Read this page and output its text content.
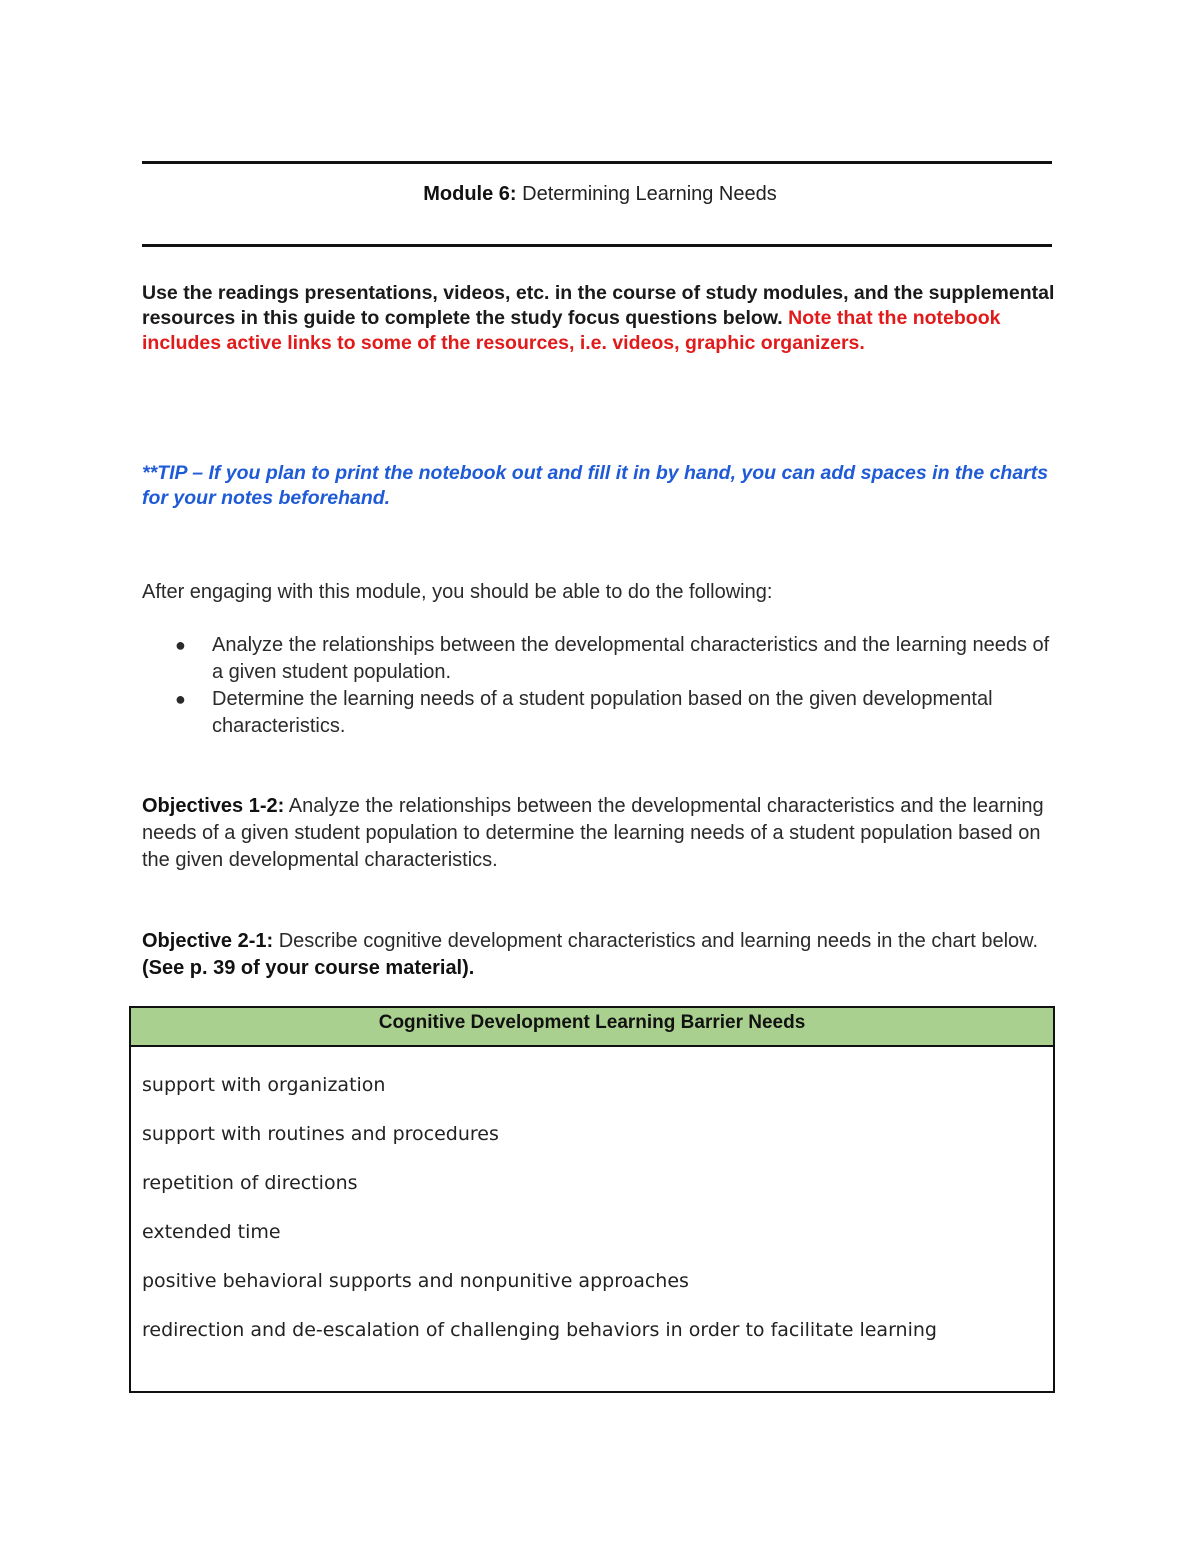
Module 6: Determining Learning Needs
Use the readings presentations, videos, etc. in the course of study modules, and the supplemental resources in this guide to complete the study focus questions below. Note that the notebook includes active links to some of the resources, i.e. videos, graphic organizers.
**TIP – If you plan to print the notebook out and fill it in by hand, you can add spaces in the charts for your notes beforehand.
After engaging with this module, you should be able to do the following:
● Analyze the relationships between the developmental characteristics and the learning needs of a given student population.
● Determine the learning needs of a student population based on the given developmental characteristics.
Objectives 1-2: Analyze the relationships between the developmental characteristics and the learning needs of a given student population to determine the learning needs of a student population based on the given developmental characteristics.
Objective 2-1: Describe cognitive development characteristics and learning needs in the chart below. (See p. 39 of your course material).
Cognitive Development Learning Barrier Needs

support with organization

support with routines and procedures

repetition of directions

extended time

positive behavioral supports and nonpunitive approaches

redirection and de-escalation of challenging behaviors in order to facilitate learning
